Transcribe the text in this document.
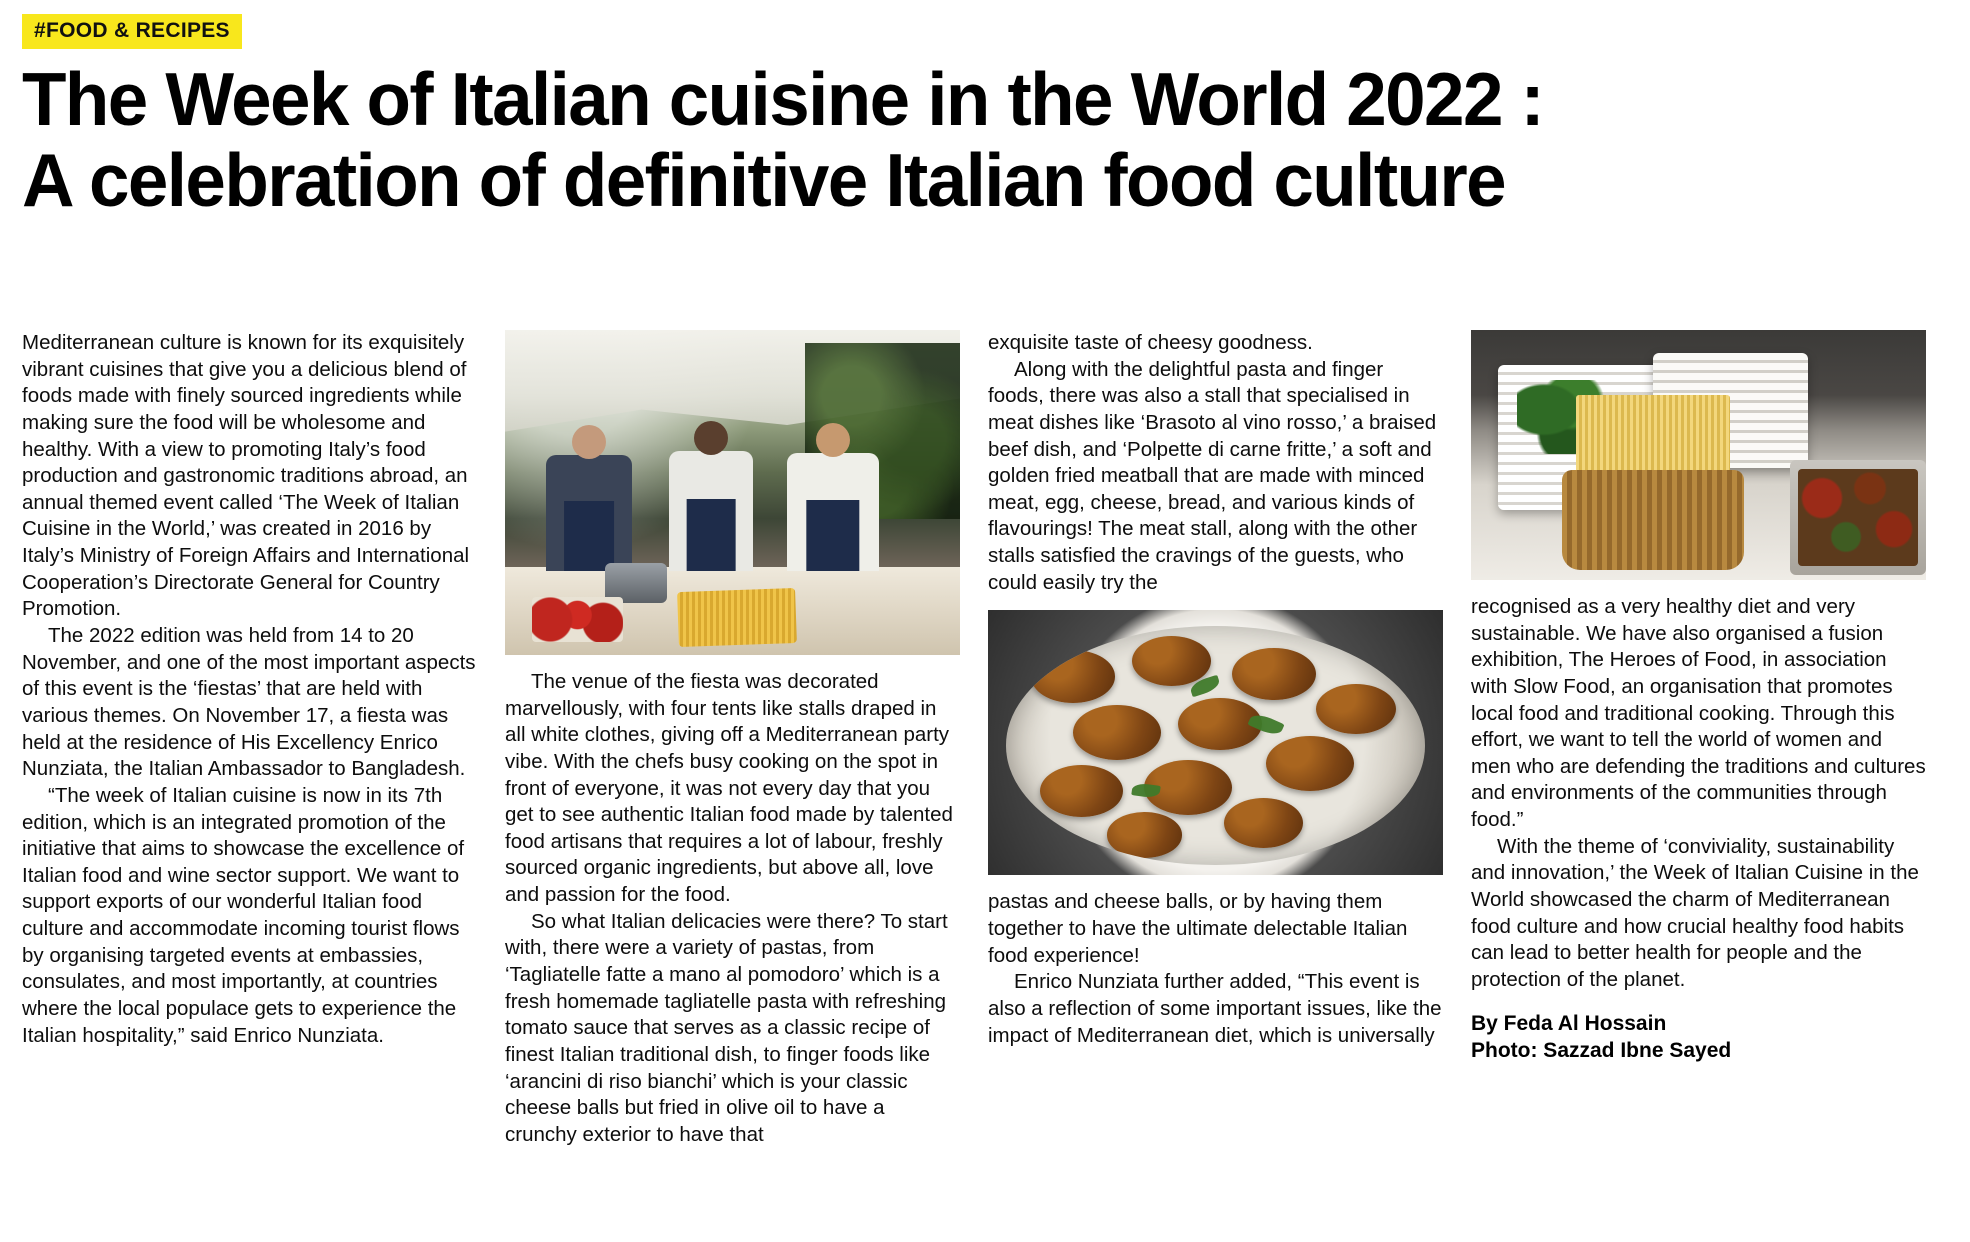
#FOOD & RECIPES
The Week of Italian cuisine in the World 2022 :
A celebration of definitive Italian food culture

Mediterranean culture is known for its exquisitely vibrant cuisines that give you a delicious blend of foods made with finely sourced ingredients while making sure the food will be wholesome and healthy. With a view to promoting Italy’s food production and gastronomic traditions abroad, an annual themed event called ‘The Week of Italian Cuisine in the World,’ was created in 2016 by Italy’s Ministry of Foreign Affairs and International Cooperation’s Directorate General for Country Promotion.

The 2022 edition was held from 14 to 20 November, and one of the most important aspects of this event is the ‘fiestas’ that are held with various themes. On November 17, a fiesta was held at the residence of His Excellency Enrico Nunziata, the Italian Ambassador to Bangladesh.

“The week of Italian cuisine is now in its 7th edition, which is an integrated promotion of the initiative that aims to showcase the excellence of Italian food and wine sector support. We want to support exports of our wonderful Italian food culture and accommodate incoming tourist flows by organising targeted events at embassies, consulates, and most importantly, at countries where the local populace gets to experience the Italian hospitality,” said Enrico Nunziata.

The venue of the fiesta was decorated marvellously, with four tents like stalls draped in all white clothes, giving off a Mediterranean party vibe. With the chefs busy cooking on the spot in front of everyone, it was not every day that you get to see authentic Italian food made by talented food artisans that requires a lot of labour, freshly sourced organic ingredients, but above all, love and passion for the food.

So what Italian delicacies were there? To start with, there were a variety of pastas, from ‘Tagliatelle fatte a mano al pomodoro’ which is a fresh homemade tagliatelle pasta with refreshing tomato sauce that serves as a classic recipe of finest Italian traditional dish, to finger foods like ‘arancini di riso bianchi’ which is your classic cheese balls but fried in olive oil to have a crunchy exterior to have that

exquisite taste of cheesy goodness.

Along with the delightful pasta and finger foods, there was also a stall that specialised in meat dishes like ‘Brasoto al vino rosso,’ a braised beef dish, and ‘Polpette di carne fritte,’ a soft and golden fried meatball that are made with minced meat, egg, cheese, bread, and various kinds of flavourings! The meat stall, along with the other stalls satisfied the cravings of the guests, who could easily try the

pastas and cheese balls, or by having them together to have the ultimate delectable Italian food experience!

Enrico Nunziata further added, “This event is also a reflection of some important issues, like the impact of Mediterranean diet, which is universally

recognised as a very healthy diet and very sustainable. We have also organised a fusion exhibition, The Heroes of Food, in association with Slow Food, an organisation that promotes local food and traditional cooking. Through this effort, we want to tell the world of women and men who are defending the traditions and cultures and environments of the communities through food.”

With the theme of ‘conviviality, sustainability and innovation,’ the Week of Italian Cuisine in the World showcased the charm of Mediterranean food culture and how crucial healthy food habits can lead to better health for people and the protection of the planet.

By Feda Al Hossain
Photo: Sazzad Ibne Sayed
